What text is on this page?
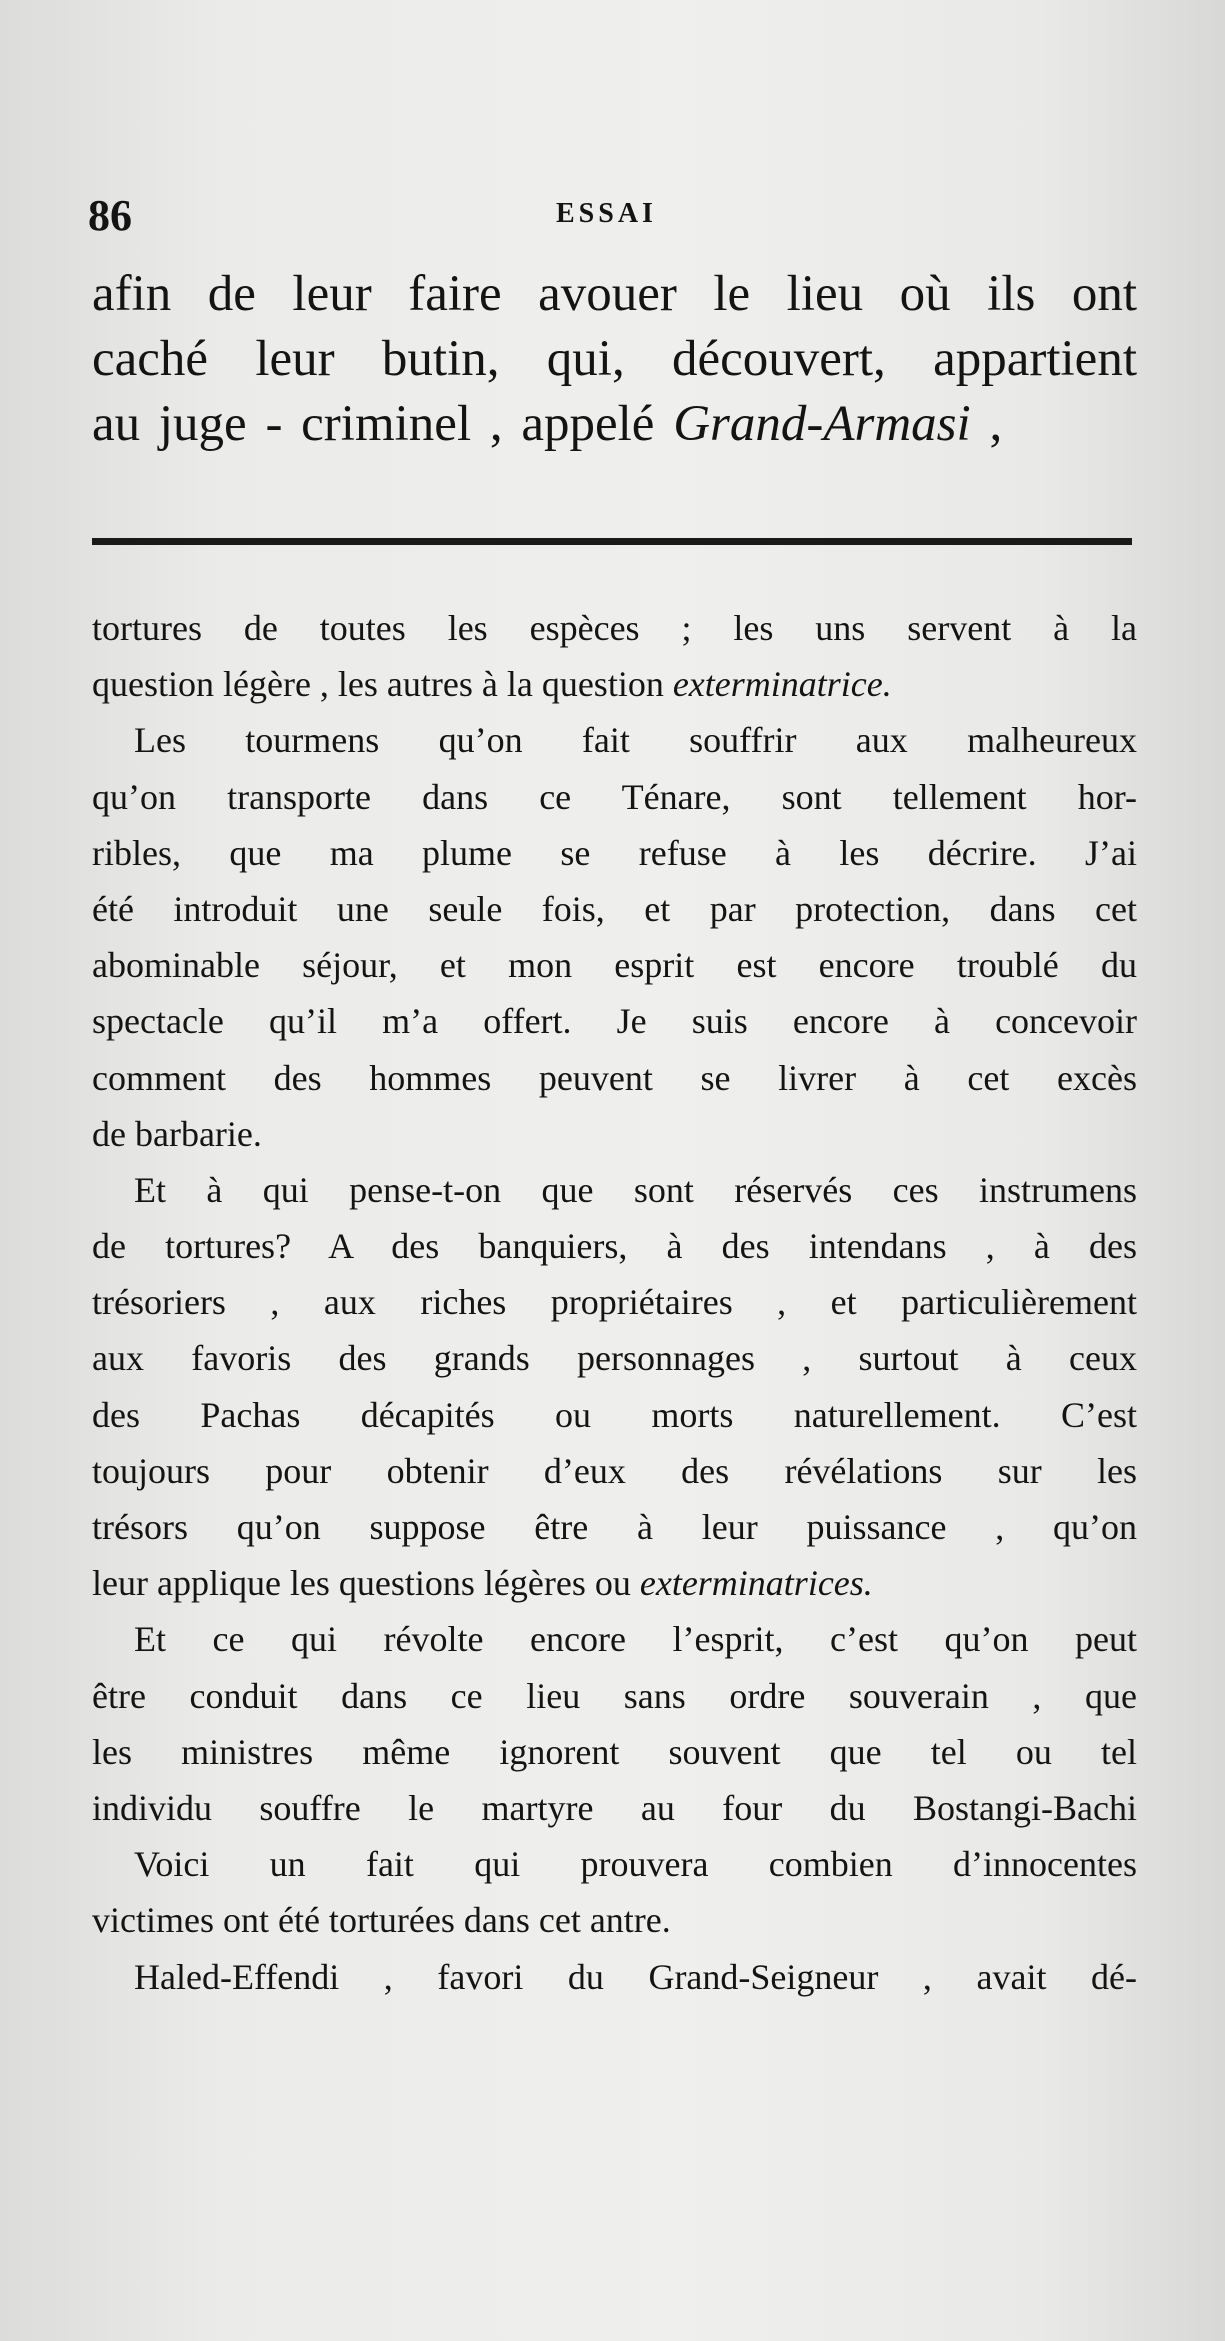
86	ESSAI
afin de leur faire avouer le lieu où ils ont
caché leur butin, qui, découvert, appartient
au juge - criminel , appelé Grand-Armasi ,
tortures de toutes les espèces ; les uns servent à la
question légère , les autres à la question exterminatrice.
Les tourmens qu’on fait souffrir aux malheureux
qu’on transporte dans ce Ténare, sont tellement hor-
ribles, que ma plume se refuse à les décrire. J’ai
été introduit une seule fois, et par protection, dans cet
abominable séjour, et mon esprit est encore troublé du
spectacle qu’il m’a offert. Je suis encore à concevoir
comment des hommes peuvent se livrer à cet excès
de barbarie.
Et à qui pense-t-on que sont réservés ces instrumens
de tortures? A des banquiers, à des intendans , à des
trésoriers , aux riches propriétaires , et particulièrement
aux favoris des grands personnages , surtout à ceux
des Pachas décapités ou morts naturellement. C’est
toujours pour obtenir d’eux des révélations sur les
trésors qu’on suppose être à leur puissance , qu’on
leur applique les questions légères ou exterminatrices.
Et ce qui révolte encore l’esprit, c’est qu’on peut
être conduit dans ce lieu sans ordre souverain , que
les ministres même ignorent souvent que tel ou tel
individu souffre le martyre au four du Bostangi-Bachi
Voici un fait qui prouvera combien d’innocentes
victimes ont été torturées dans cet antre.
Haled-Effendi , favori du Grand-Seigneur , avait dé-
